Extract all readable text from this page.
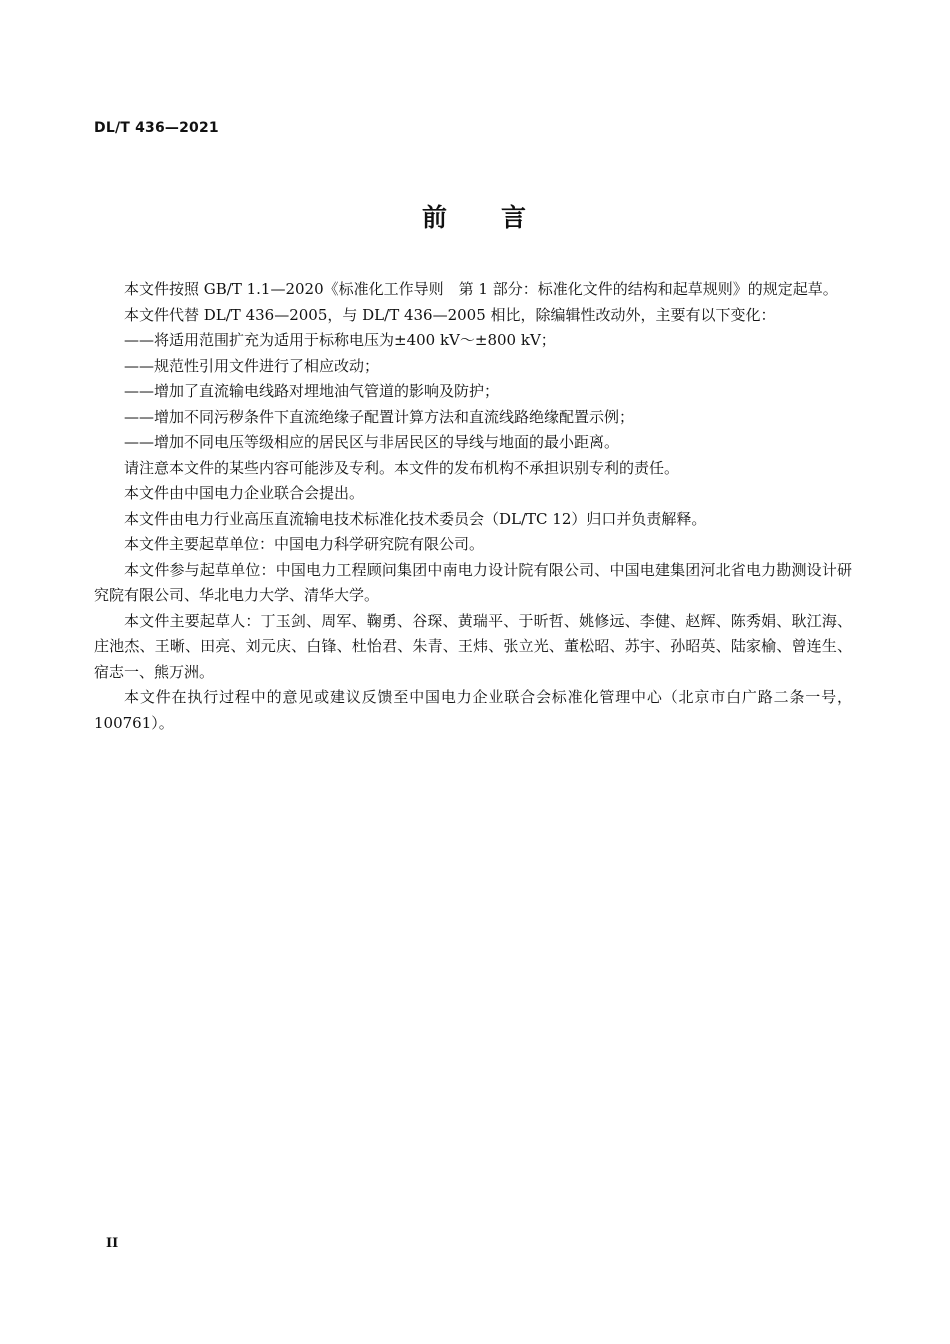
DL/T 436—2021
前 言

本文件按照 GB/T 1.1—2020《标准化工作导则　第 1 部分：标准化文件的结构和起草规则》的规定起草。

本文件代替 DL/T 436—2005，与 DL/T 436—2005 相比，除编辑性改动外，主要有以下变化：

——将适用范围扩充为适用于标称电压为±400 kV～±800 kV；

——规范性引用文件进行了相应改动；

——增加了直流输电线路对埋地油气管道的影响及防护；

——增加不同污秽条件下直流绝缘子配置计算方法和直流线路绝缘配置示例；

——增加不同电压等级相应的居民区与非居民区的导线与地面的最小距离。

请注意本文件的某些内容可能涉及专利。本文件的发布机构不承担识别专利的责任。

本文件由中国电力企业联合会提出。

本文件由电力行业高压直流输电技术标准化技术委员会（DL/TC 12）归口并负责解释。

本文件主要起草单位：中国电力科学研究院有限公司。

本文件参与起草单位：中国电力工程顾问集团中南电力设计院有限公司、中国电建集团河北省电力勘测设计研究院有限公司、华北电力大学、清华大学。

本文件主要起草人：丁玉剑、周军、鞠勇、谷琛、黄瑞平、于昕哲、姚修远、李健、赵辉、陈秀娟、耿江海、庄池杰、王晰、田亮、刘元庆、白锋、杜怡君、朱青、王炜、张立光、董松昭、苏宇、孙昭英、陆家榆、曾连生、宿志一、熊万洲。

本文件在执行过程中的意见或建议反馈至中国电力企业联合会标准化管理中心（北京市白广路二条一号，100761）。

II
